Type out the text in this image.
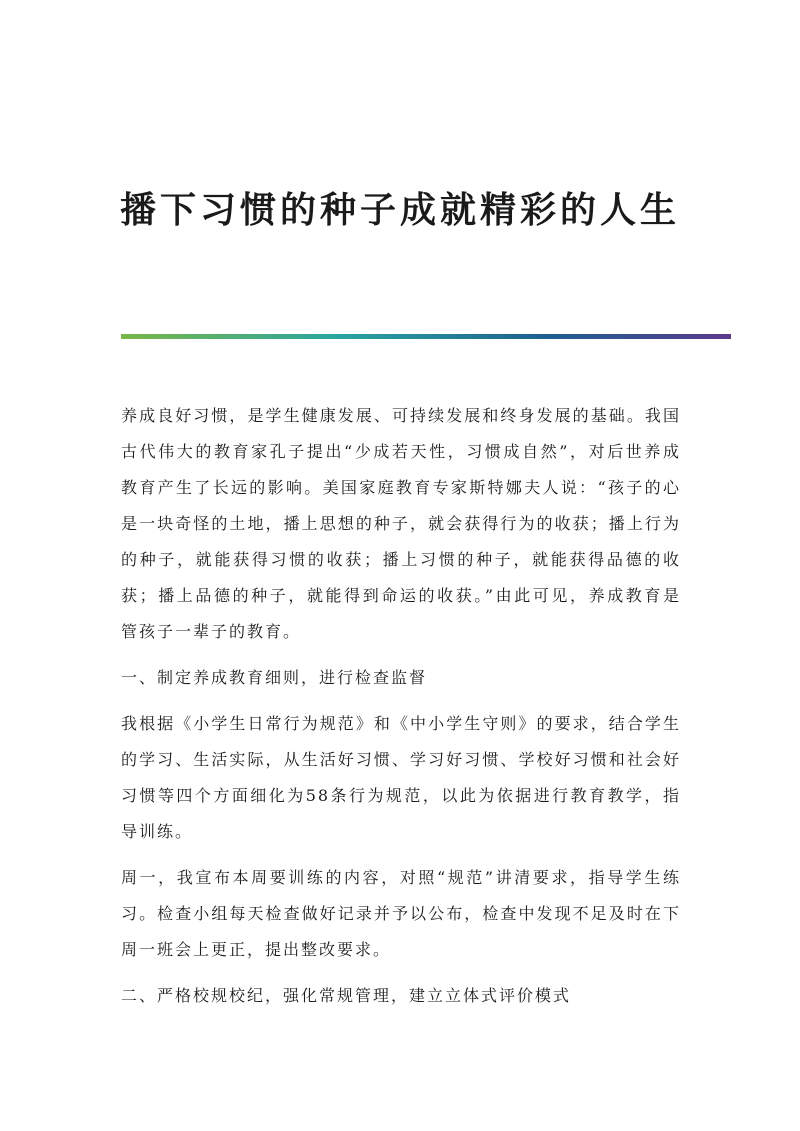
播下习惯的种子成就精彩的人生

养成良好习惯，是学生健康发展、可持续发展和终身发展的基础。我国古代伟大的教育家孔子提出“少成若天性，习惯成自然”，对后世养成教育产生了长远的影响。美国家庭教育专家斯特娜夫人说：“孩子的心是一块奇怪的土地，播上思想的种子，就会获得行为的收获；播上行为的种子，就能获得习惯的收获；播上习惯的种子，就能获得品德的收获；播上品德的种子，就能得到命运的收获。”由此可见，养成教育是管孩子一辈子的教育。

一、制定养成教育细则，进行检查监督

我根据《小学生日常行为规范》和《中小学生守则》的要求，结合学生的学习、生活实际，从生活好习惯、学习好习惯、学校好习惯和社会好习惯等四个方面细化为58条行为规范，以此为依据进行教育教学，指导训练。

周一，我宣布本周要训练的内容，对照“规范”讲清要求，指导学生练习。检查小组每天检查做好记录并予以公布，检查中发现不足及时在下周一班会上更正，提出整改要求。

二、严格校规校纪，强化常规管理，建立立体式评价模式
